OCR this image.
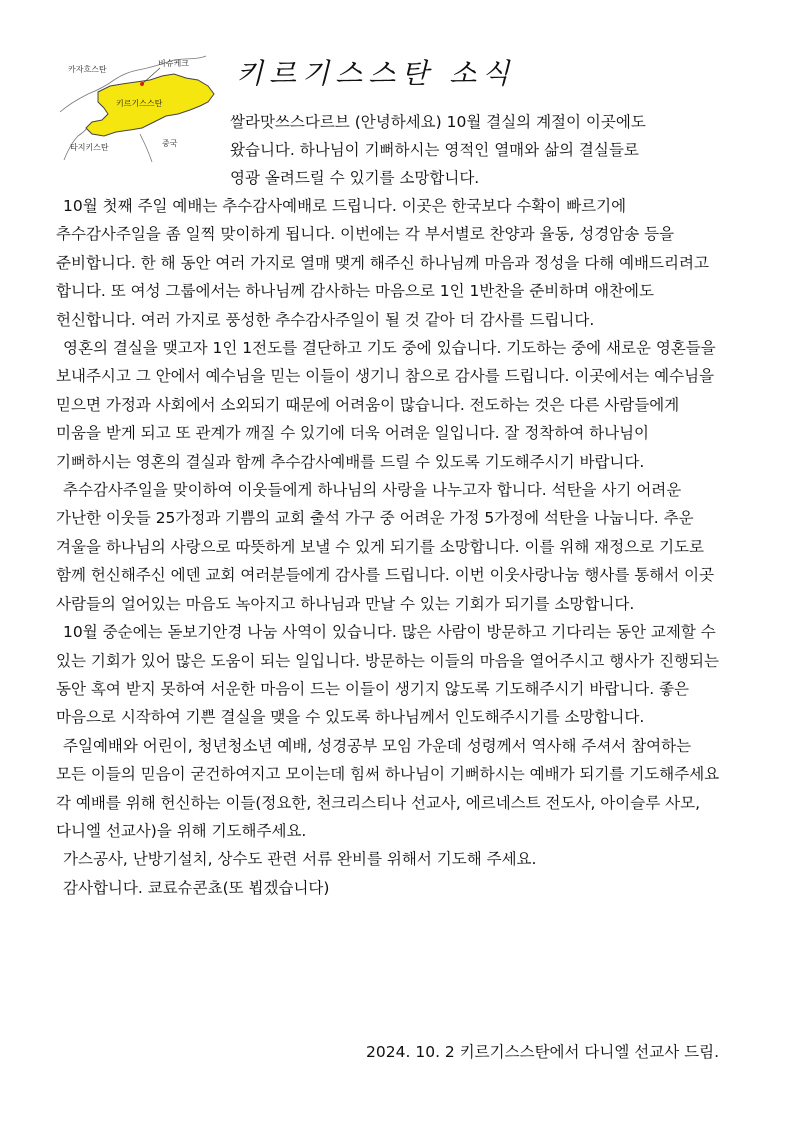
카자흐스탄
비슈케크
키르기스스탄
타지키스탄	중국
키르기스스탄 소식

쌀라맛쓰스다르브 (안녕하세요) 10월 결실의 계절이 이곳에도

왔습니다. 하나님이 기뻐하시는 영적인 열매와 삶의 결실들로

영광 올려드릴 수 있기를 소망합니다.

10월 첫째 주일 예배는 추수감사예배로 드립니다. 이곳은 한국보다 수확이 빠르기에 추수감사주일을 좀 일찍 맞이하게 됩니다. 이번에는 각 부서별로 찬양과 율동, 성경암송 등을 준비합니다. 한 해 동안 여러 가지로 열매 맺게 해주신 하나님께 마음과 정성을 다해 예배드리려고 합니다. 또 여성 그룹에서는 하나님께 감사하는 마음으로 1인 1반찬을 준비하며 애찬에도 헌신합니다. 여러 가지로 풍성한 추수감사주일이 될 것 같아 더 감사를 드립니다.

영혼의 결실을 맺고자 1인 1전도를 결단하고 기도 중에 있습니다. 기도하는 중에 새로운 영혼들을 보내주시고 그 안에서 예수님을 믿는 이들이 생기니 참으로 감사를 드립니다. 이곳에서는 예수님을 믿으면 가정과 사회에서 소외되기 때문에 어려움이 많습니다. 전도하는 것은 다른 사람들에게 미움을 받게 되고 또 관계가 깨질 수 있기에 더욱 어려운 일입니다. 잘 정착하여 하나님이 기뻐하시는 영혼의 결실과 함께 추수감사예배를 드릴 수 있도록 기도해주시기 바랍니다.

추수감사주일을 맞이하여 이웃들에게 하나님의 사랑을 나누고자 합니다. 석탄을 사기 어려운 가난한 이웃들 25가정과 기쁨의 교회 출석 가구 중 어려운 가정 5가정에 석탄을 나눕니다. 추운 겨울을 하나님의 사랑으로 따뜻하게 보낼 수 있게 되기를 소망합니다. 이를 위해 재정으로 기도로 함께 헌신해주신 에덴 교회 여러분들에게 감사를 드립니다. 이번 이웃사랑나눔 행사를 통해서 이곳 사람들의 얼어있는 마음도 녹아지고 하나님과 만날 수 있는 기회가 되기를 소망합니다.

10월 중순에는 돋보기안경 나눔 사역이 있습니다. 많은 사람이 방문하고 기다리는 동안 교제할 수 있는 기회가 있어 많은 도움이 되는 일입니다. 방문하는 이들의 마음을 열어주시고 행사가 진행되는 동안 혹여 받지 못하여 서운한 마음이 드는 이들이 생기지 않도록 기도해주시기 바랍니다. 좋은 마음으로 시작하여 기쁜 결실을 맺을 수 있도록 하나님께서 인도해주시기를 소망합니다.

주일예배와 어린이, 청년청소년 예배, 성경공부 모임 가운데 성령께서 역사해 주셔서 참여하는 모든 이들의 믿음이 굳건하여지고 모이는데 힘써 하나님이 기뻐하시는 예배가 되기를 기도해주세요 각 예배를 위해 헌신하는 이들(정요한, 천크리스티나 선교사, 에르네스트 전도사, 아이슬루 사모, 다니엘 선교사)을 위해 기도해주세요.

가스공사, 난방기설치, 상수도 관련 서류 완비를 위해서 기도해 주세요.

감사합니다. 쿄료슈콘쵸(또 뵙겠습니다)

2024. 10. 2 키르기스스탄에서 다니엘 선교사 드림.
